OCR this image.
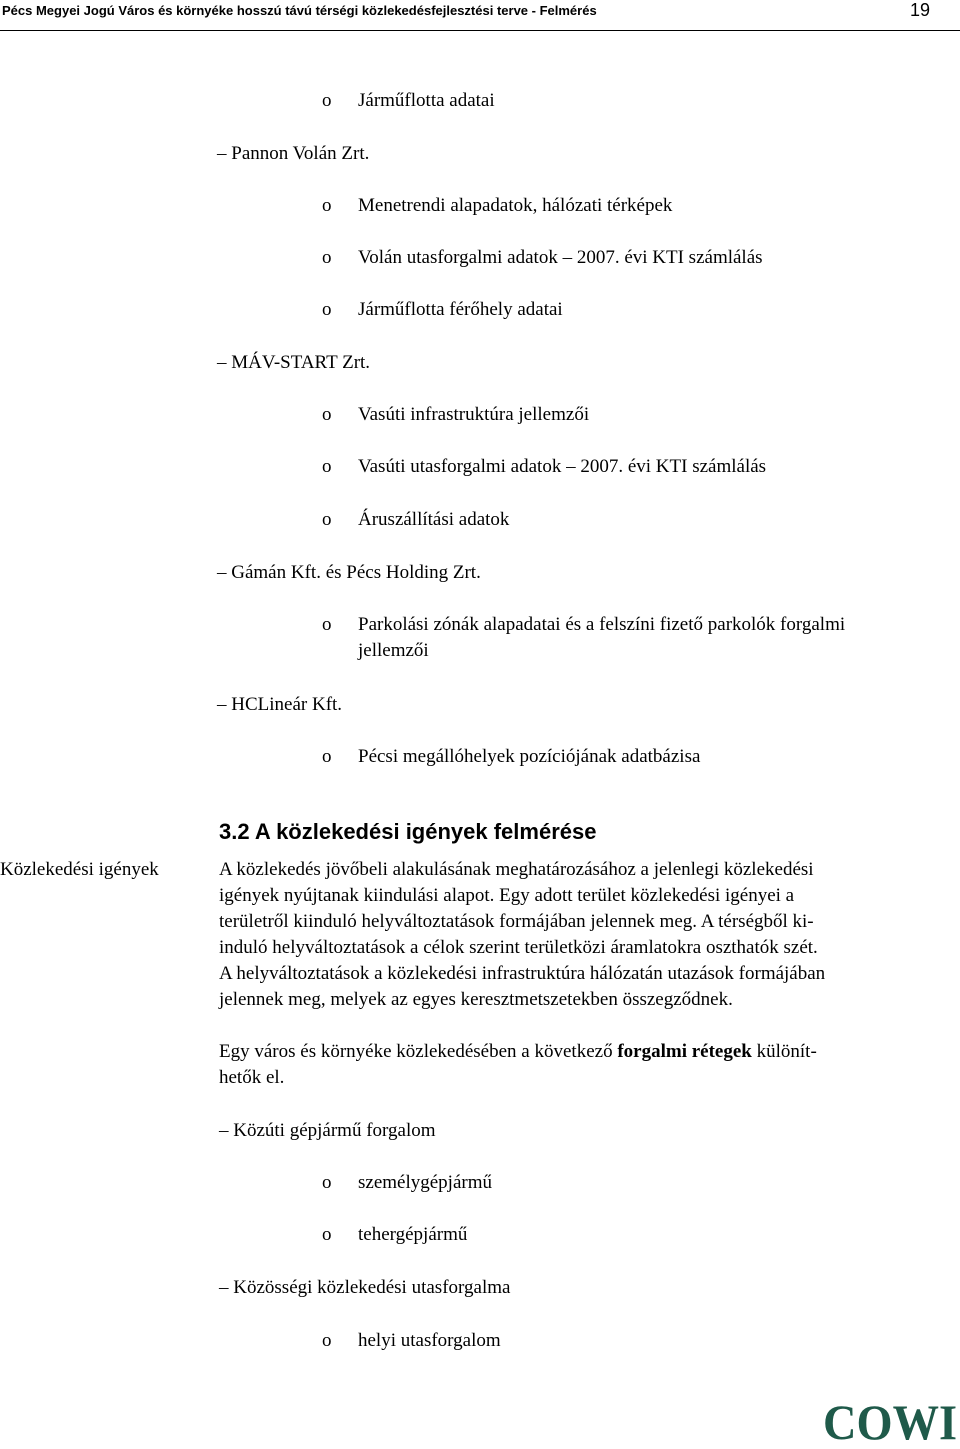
Pécs Megyei Jogú Város és környéke hosszú távú térségi közlekedésfejlesztési terve - Felmérés	19
o Járműflotta adatai
– Pannon Volán Zrt.
o Menetrendi alapadatok, hálózati térképek
o Volán utasforgalmi adatok – 2007. évi KTI számlálás
o Járműflotta férőhely adatai
– MÁV-START Zrt.
o Vasúti infrastruktúra jellemzői
o Vasúti utasforgalmi adatok – 2007. évi KTI számlálás
o Áruszállítási adatok
– Gámán Kft. és Pécs Holding Zrt.
o Parkolási zónák alapadatai és a felszíni fizető parkolók forgalmi
jellemzői
– HCLineár Kft.
o Pécsi megállóhelyek pozíciójának adatbázisa
3.2 A közlekedési igények felmérése
Közlekedési igények	A közlekedés jövőbeli alakulásának meghatározásához a jelenlegi közlekedési
igények nyújtanak kiindulási alapot. Egy adott terület közlekedési igényei a
területről kiinduló helyváltoztatások formájában jelennek meg. A térségből ki-
induló helyváltoztatások a célok szerint területközi áramlatokra oszthatók szét.
A helyváltoztatások a közlekedési infrastruktúra hálózatán utazások formájában
jelennek meg, melyek az egyes keresztmetszetekben összegződnek.
Egy város és környéke közlekedésében a következő forgalmi rétegek különít-
hetők el.
– Közúti gépjármű forgalom
o személygépjármű
o tehergépjármű
– Közösségi közlekedési utasforgalma
o helyi utasforgalom
COWI
